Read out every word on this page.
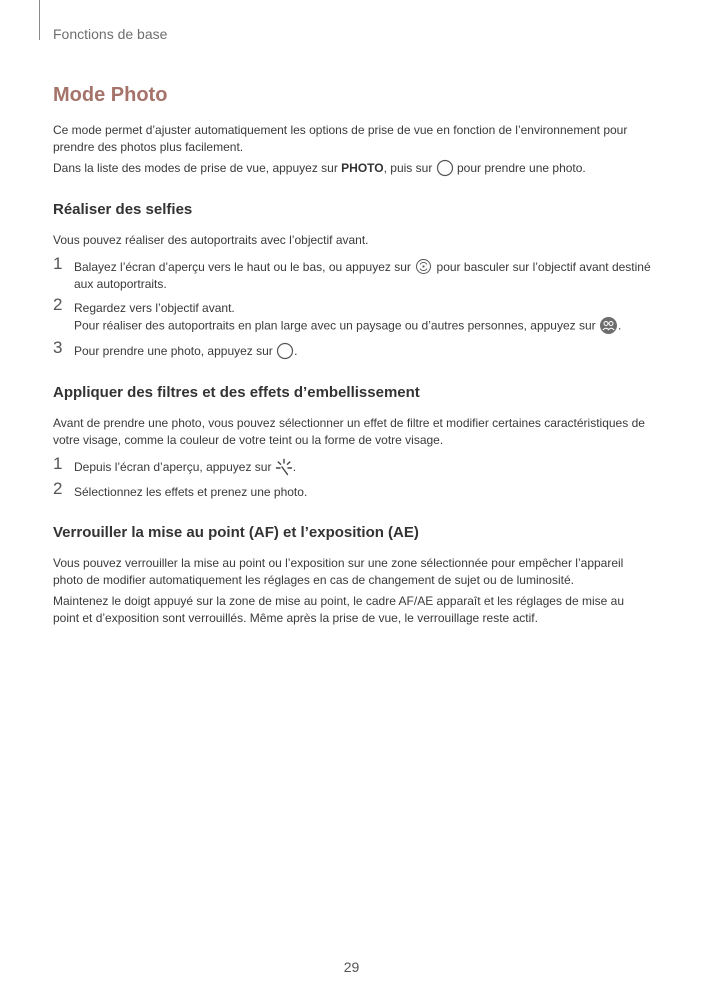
Fonctions de base
Mode Photo

Ce mode permet d’ajuster automatiquement les options de prise de vue en fonction de l’environnement pour prendre des photos plus facilement.

Dans la liste des modes de prise de vue, appuyez sur PHOTO, puis sur
pour prendre une photo.

Réaliser des selfies

Vous pouvez réaliser des autoportraits avec l’objectif avant.

1 Balayez l’écran d’aperçu vers le haut ou le bas, ou appuyez sur
pour basculer sur l’objectif avant destiné aux autoportraits.
2 Regardez vers l’objectif avant.
Pour réaliser des autoportraits en plan large avec un paysage ou d’autres personnes, appuyez sur
.
3 Pour prendre une photo, appuyez sur
.
Appliquer des filtres et des effets d’embellissement

Avant de prendre une photo, vous pouvez sélectionner un effet de filtre et modifier certaines caractéristiques de votre visage, comme la couleur de votre teint ou la forme de votre visage.

1 Depuis l’écran d’aperçu, appuyez sur
.
2 Sélectionnez les effets et prenez une photo.
Verrouiller la mise au point (AF) et l’exposition (AE)

Vous pouvez verrouiller la mise au point ou l’exposition sur une zone sélectionnée pour empêcher l’appareil photo de modifier automatiquement les réglages en cas de changement de sujet ou de luminosité.

Maintenez le doigt appuyé sur la zone de mise au point, le cadre AF/AE apparaît et les réglages de mise au point et d’exposition sont verrouillés. Même après la prise de vue, le verrouillage reste actif.

29
